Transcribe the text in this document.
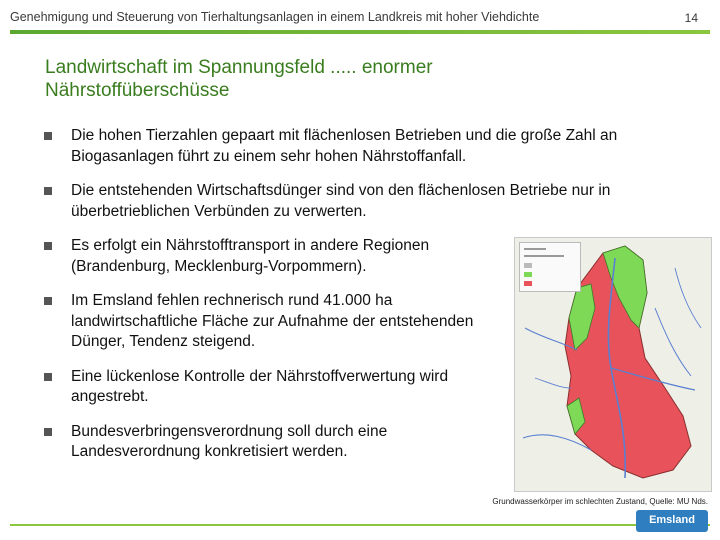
Genehmigung und Steuerung von Tierhaltungsanlagen in einem Landkreis mit hoher Viehdichte	14
Landwirtschaft im Spannungsfeld ..... enormer Nährstoffüberschüsse
Die hohen Tierzahlen gepaart mit flächenlosen Betrieben und die große Zahl an Biogasanlagen führt zu einem sehr hohen Nährstoffanfall.
Die entstehenden Wirtschaftsdünger sind von den flächenlosen Betriebe nur in überbetrieblichen Verbünden zu verwerten.
Es erfolgt ein Nährstofftransport in andere Regionen (Brandenburg, Mecklenburg-Vorpommern).
Im Emsland fehlen rechnerisch rund 41.000 ha landwirtschaftliche Fläche zur Aufnahme der entstehenden Dünger, Tendenz steigend.
Eine lückenlose Kontrolle der Nährstoffverwertung wird angestrebt.
Bundesverbringensverordnung soll durch eine Landesverordnung konkretisiert werden.
Grundwasserkörper im schlechten Zustand, Quelle: MU Nds.
Emsland
